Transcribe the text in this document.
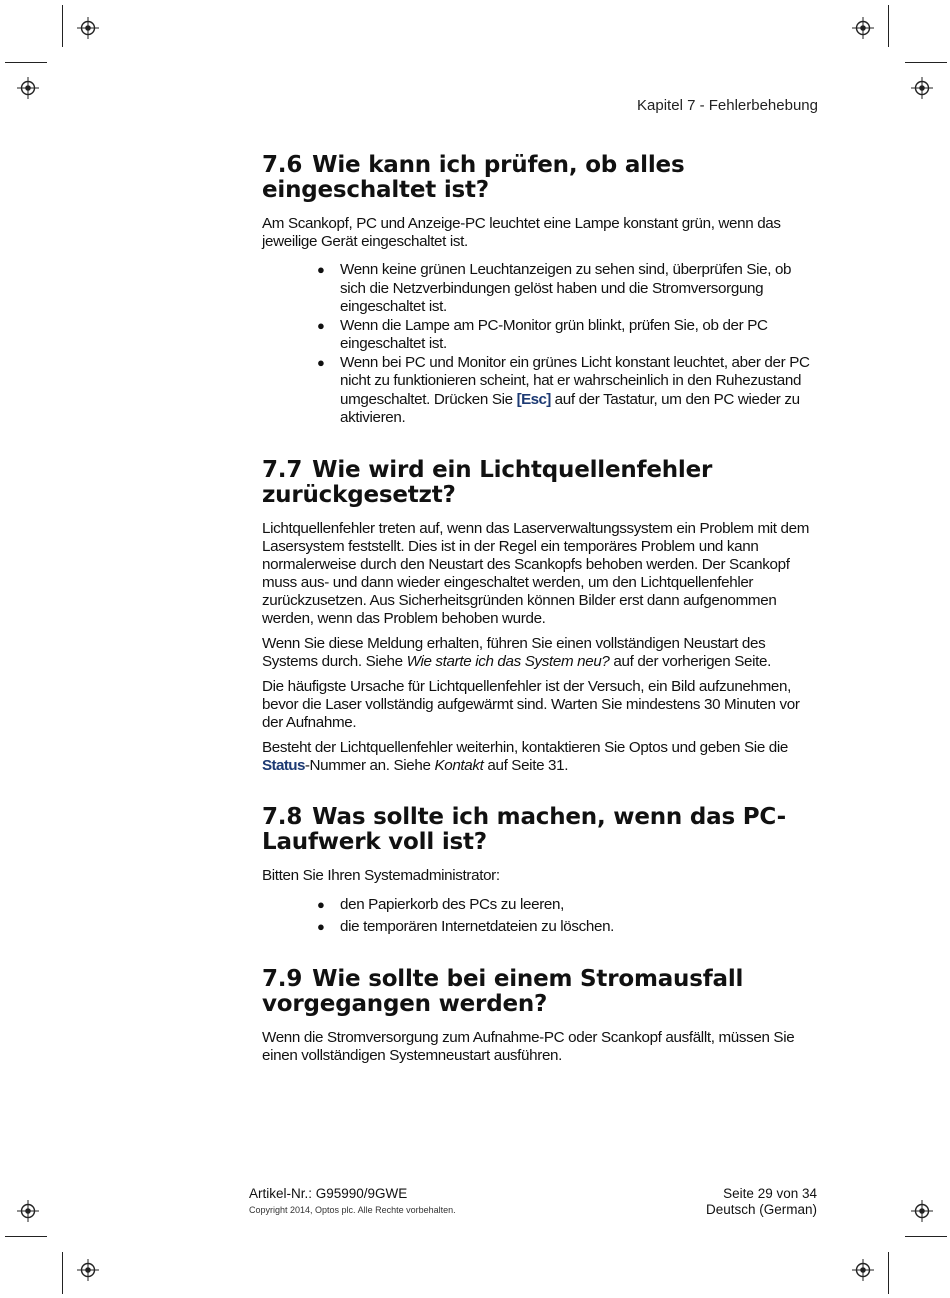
Kapitel 7 - Fehlerbehebung
7.6 Wie kann ich prüfen, ob alles eingeschaltet ist?

Am Scankopf, PC und Anzeige-PC leuchtet eine Lampe konstant grün, wenn das jeweilige Gerät eingeschaltet ist.

● Wenn keine grünen Leuchtanzeigen zu sehen sind, überprüfen Sie, ob sich die Netzverbindungen gelöst haben und die Stromversorgung eingeschaltet ist.
● Wenn die Lampe am PC-Monitor grün blinkt, prüfen Sie, ob der PC eingeschaltet ist.
● Wenn bei PC und Monitor ein grünes Licht konstant leuchtet, aber der PC nicht zu funktionieren scheint, hat er wahrscheinlich in den Ruhezustand umgeschaltet. Drücken Sie [Esc] auf der Tastatur, um den PC wieder zu aktivieren.
7.7 Wie wird ein Lichtquellenfehler zurückgesetzt?

Lichtquellenfehler treten auf, wenn das Laserverwaltungssystem ein Problem mit dem Lasersystem feststellt. Dies ist in der Regel ein temporäres Problem und kann normalerweise durch den Neustart des Scankopfs behoben werden. Der Scankopf muss aus- und dann wieder eingeschaltet werden, um den Lichtquellenfehler zurückzusetzen. Aus Sicherheitsgründen können Bilder erst dann aufgenommen werden, wenn das Problem behoben wurde.

Wenn Sie diese Meldung erhalten, führen Sie einen vollständigen Neustart des Systems durch. Siehe Wie starte ich das System neu? auf der vorherigen Seite.

Die häufigste Ursache für Lichtquellenfehler ist der Versuch, ein Bild aufzunehmen, bevor die Laser vollständig aufgewärmt sind. Warten Sie mindestens 30 Minuten vor der Aufnahme.

Besteht der Lichtquellenfehler weiterhin, kontaktieren Sie Optos und geben Sie die Status-Nummer an. Siehe Kontakt auf Seite 31.

7.8 Was sollte ich machen, wenn das PC-Laufwerk voll ist?

Bitten Sie Ihren Systemadministrator:

● den Papierkorb des PCs zu leeren,
● die temporären Internetdateien zu löschen.
7.9 Wie sollte bei einem Stromausfall vorgegangen werden?

Wenn die Stromversorgung zum Aufnahme-PC oder Scankopf ausfällt, müssen Sie einen vollständigen Systemneustart ausführen.

Artikel-Nr.: G95990/9GWE
Copyright 2014, Optos plc. Alle Rechte vorbehalten.
Seite 29 von 34
Deutsch (German)
